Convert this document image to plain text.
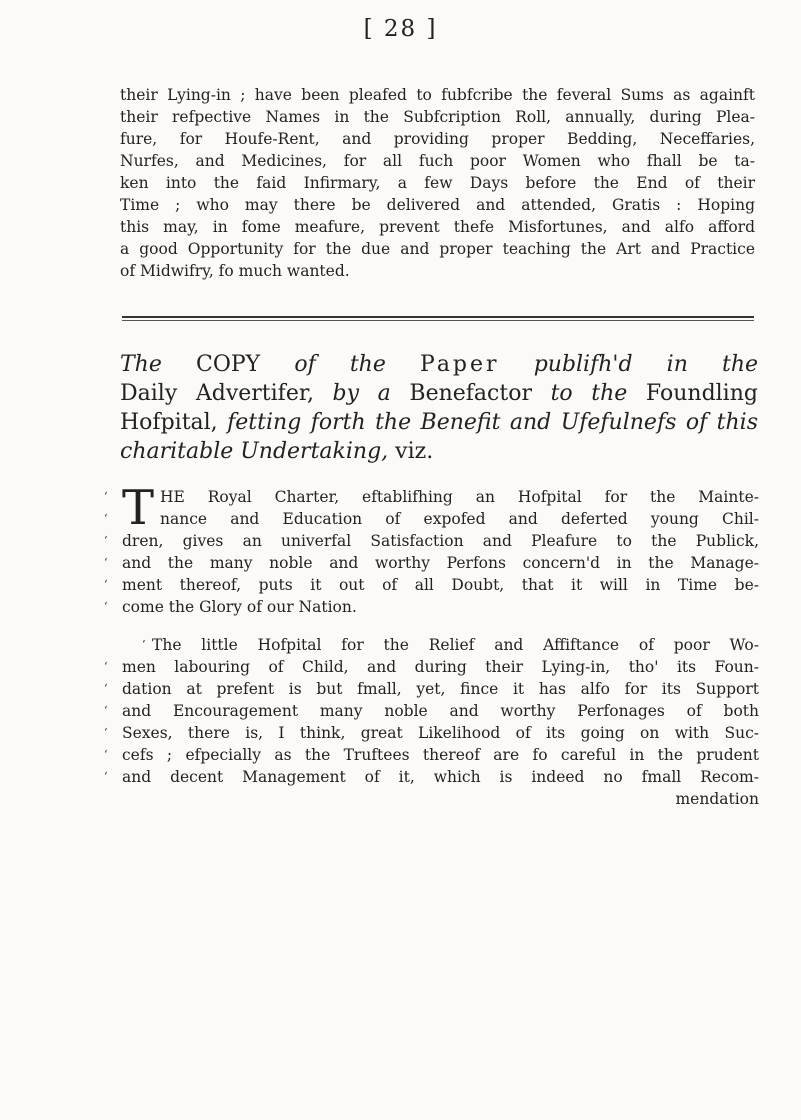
[ 28 ]
their Lying-in ; have been pleafed to fubfcribe the feveral Sums as againft
their refpective Names in the Subfcription Roll, annually, during Plea-
fure, for Houfe-Rent, and providing proper Bedding, Neceffaries,
Nurfes, and Medicines, for all fuch poor Women who fhall be ta-
ken into the faid Infirmary, a few Days before the End of their
Time ; who may there be delivered and attended, Gratis : Hoping
this may, in fome meafure, prevent thefe Misfortunes, and alfo afford
a good Opportunity for the due and proper teaching the Art and Practice
of Midwifry, fo much wanted.
The COPY of the Paper publifh'd in the
Daily Advertifer, by a Benefactor to the Foundling
Hofpital, fetting forth the Benefit and Ufefulnefs of this
charitable Undertaking, viz.
‘ T HE Royal Charter, eftablifhing an Hofpital for the Mainte-
‘	nance and Education of expofed and deferted young Chil-
‘ dren, gives an univerfal Satisfaction and Pleafure to the Publick,
‘ and the many noble and worthy Perfons concern'd in the Manage-
‘ ment thereof, puts it out of all Doubt, that it will in Time be-
‘ come the Glory of our Nation.
The little Hofpital for the Relief and Affiftance of poor Wo-
‘
‘ men labouring of Child, and during their Lying-in, tho' its Foun-
‘ dation at prefent is but fmall, yet, fince it has alfo for its Support
‘ and Encouragement many noble and worthy Perfonages of both
‘ Sexes, there is, I think, great Likelihood of its going on with Suc-
‘ cefs ; efpecially as the Truftees thereof are fo careful in the prudent
‘ and decent Management of it, which is indeed no fmall Recom-
mendation
